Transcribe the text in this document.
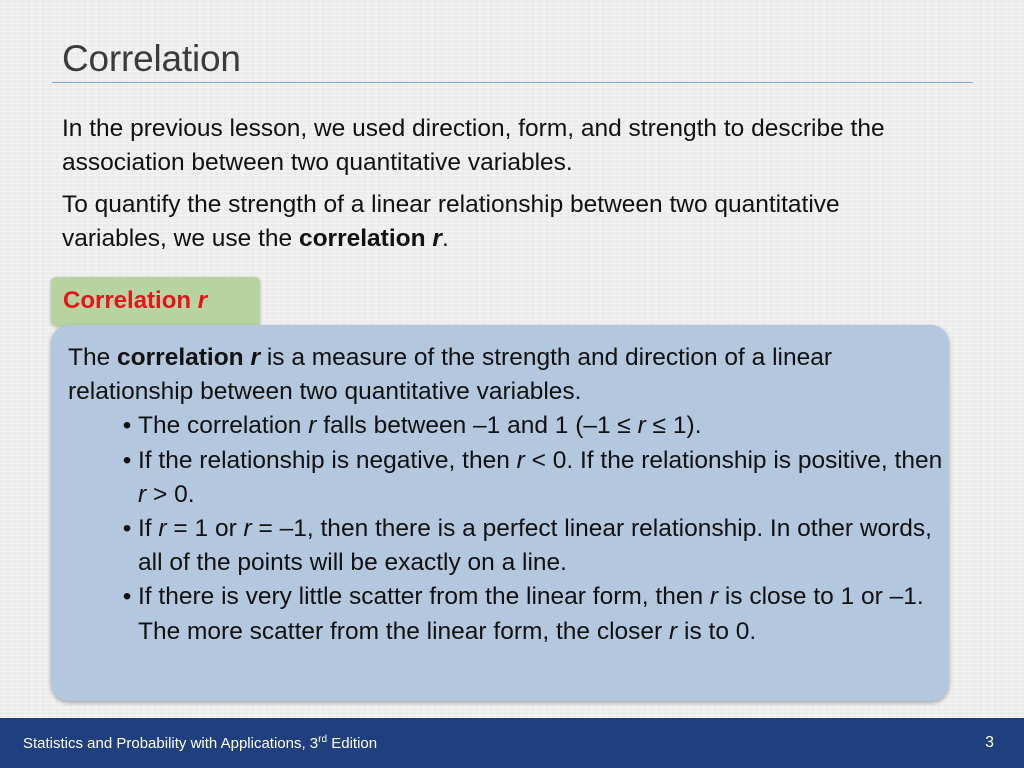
Correlation

In the previous lesson, we used direction, form, and strength to describe the association between two quantitative variables.

To quantify the strength of a linear relationship between two quantitative variables, we use the correlation r.

Correlation r

The correlation r is a measure of the strength and direction of a linear relationship between two quantitative variables.

• The correlation r falls between –1 and 1 (–1 ≤ r ≤ 1).
• If the relationship is negative, then r < 0. If the relationship is positive, then r > 0.
• If r = 1 or r = –1, then there is a perfect linear relationship. In other words, all of the points will be exactly on a line.
• If there is very little scatter from the linear form, then r is close to 1 or –1. The more scatter from the linear form, the closer r is to 0.
Statistics and Probability with Applications, 3rd Edition	3
